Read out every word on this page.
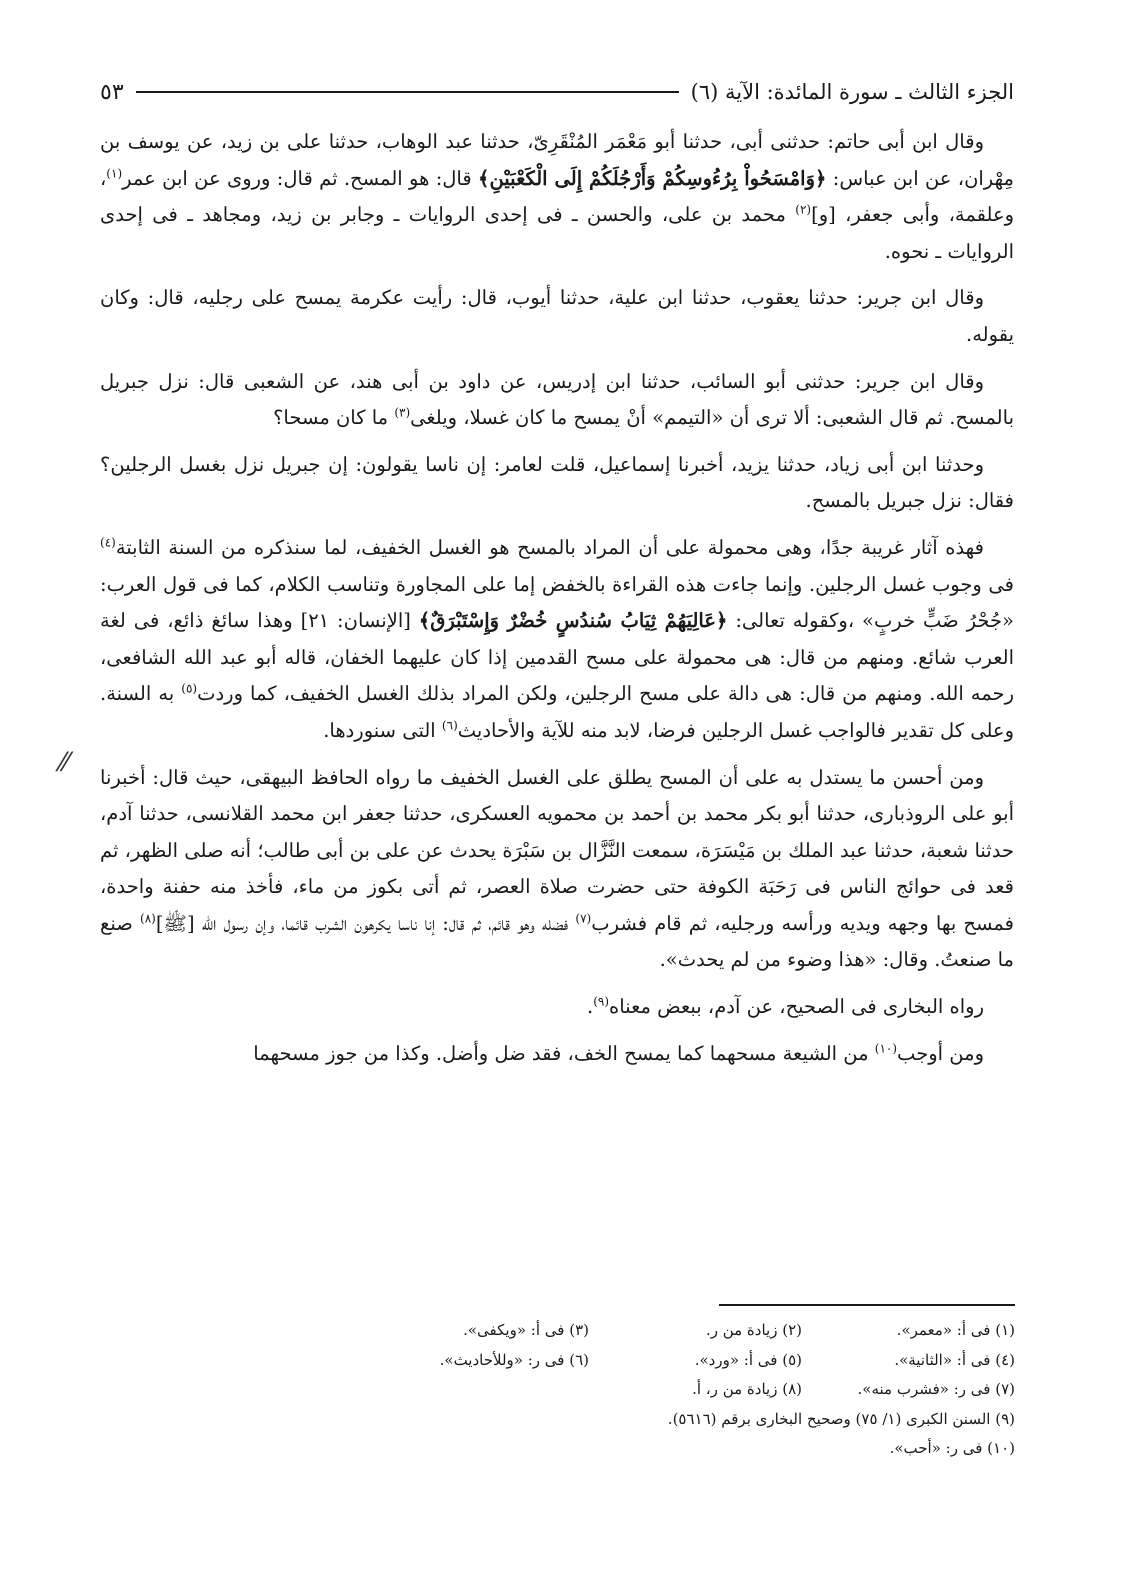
الجزء الثالث ـ سورة المائدة: الآية (٦)
٥٣

وقال ابن أبى حاتم: حدثنى أبى، حدثنا أبو مَعْمَر المُنْقَرِىّ، حدثنا عبد الوهاب، حدثنا على بن زيد، عن يوسف بن مِهْران، عن ابن عباس: ﴿وَامْسَحُواْ بِرُءُوسِكُمْ وَأَرْجُلَكُمْ إِلَى الْكَعْبَيْنِ﴾ قال: هو المسح. ثم قال: وروى عن ابن عمر$^{(١)}$، وعلقمة، وأبى جعفر، [و]$^{(٢)}$ محمد بن على، والحسن ـ فى إحدى الروايات ـ وجابر بن زيد، ومجاهد ـ فى إحدى الروايات ـ نحوه.

وقال ابن جرير: حدثنا يعقوب، حدثنا ابن علية، حدثنا أيوب، قال: رأيت عكرمة يمسح على رجليه، قال: وكان يقوله.

وقال ابن جرير: حدثنى أبو السائب، حدثنا ابن إدريس، عن داود بن أبى هند، عن الشعبى قال: نزل جبريل بالمسح. ثم قال الشعبى: ألا ترى أن «التيمم» أنْ يمسح ما كان غسلا، ويلغى$^{(٣)}$ ما كان مسحا؟

وحدثنا ابن أبى زياد، حدثنا يزيد، أخبرنا إسماعيل، قلت لعامر: إن ناسا يقولون: إن جبريل نزل بغسل الرجلين؟ فقال: نزل جبريل بالمسح.

فهذه آثار غريبة جدًا، وهى محمولة على أن المراد بالمسح هو الغسل الخفيف، لما سنذكره من السنة الثابتة$^{(٤)}$ فى وجوب غسل الرجلين. وإنما جاءت هذه القراءة بالخفض إما على المجاورة وتناسب الكلام، كما فى قول العرب: «جُحْرُ ضَبٍّ خربٍ» ،وكقوله تعالى: ﴿عَالِيَهُمْ ثِيَابُ سُندُسٍ خُضْرٌ وَإِسْتَبْرَقٌ﴾ [الإنسان: ٢١] وهذا سائغ ذائع، فى لغة العرب شائع. ومنهم من قال: هى محمولة على مسح القدمين إذا كان عليهما الخفان، قاله أبو عبد الله الشافعى، رحمه الله. ومنهم من قال: هى دالة على مسح الرجلين، ولكن المراد بذلك الغسل الخفيف، كما وردت$^{(٥)}$ به السنة. وعلى كل تقدير فالواجب غسل الرجلين فرضا، لابد منه للآية والأحاديث$^{(٦)}$ التى سنوردها.

ومن أحسن ما يستدل به على أن المسح يطلق على الغسل الخفيف ما رواه الحافظ البيهقى، حيث قال: أخبرنا أبو على الروذبارى، حدثنا أبو بكر محمد بن أحمد بن محمويه العسكرى، حدثنا جعفر ابن محمد القلانسى، حدثنا آدم، حدثنا شعبة، حدثنا عبد الملك بن مَيْسَرَة، سمعت النَّزَّال بن سَبْرَة يحدث عن على بن أبى طالب؛ أنه صلى الظهر، ثم قعد فى حوائج الناس فى رَحَبَة الكوفة حتى حضرت صلاة العصر، ثم أتى بكوز من ماء، فأخذ منه حفنة واحدة، فمسح بها وجهه ويديه ورأسه ورجليه، ثم قام فشرب$^{(٧)}$ فضله وهو قائم، ثم قال: إنا ناسا يكرهون الشرب قائما، وإن رسول الله [ﷺ]$^{(٨)}$ صنع ما صنعتُ. وقال: «هذا وضوء من لم يحدث».

رواه البخارى فى الصحيح، عن آدم، ببعض معناه$^{(٩)}$.

ومن أوجب$^{(١٠)}$ من الشيعة مسحهما كما يمسح الخف، فقد ضل وأضل. وكذا من جوز مسحهما

⁄⁄
(١) فى أ: «معمر».
(٢) زيادة من ر.
(٣) فى أ: «ويكفى».
(٤) فى أ: «الثانية».
(٥) فى أ: «ورد».
(٦) فى ر: «وللأحاديث».
(٧) فى ر: «فشرب منه».
(٨) زيادة من ر، أ.
(٩) السنن الكبرى (١/ ٧٥) وصحيح البخارى برقم (٥٦١٦).
(١٠) فى ر: «أحب».
